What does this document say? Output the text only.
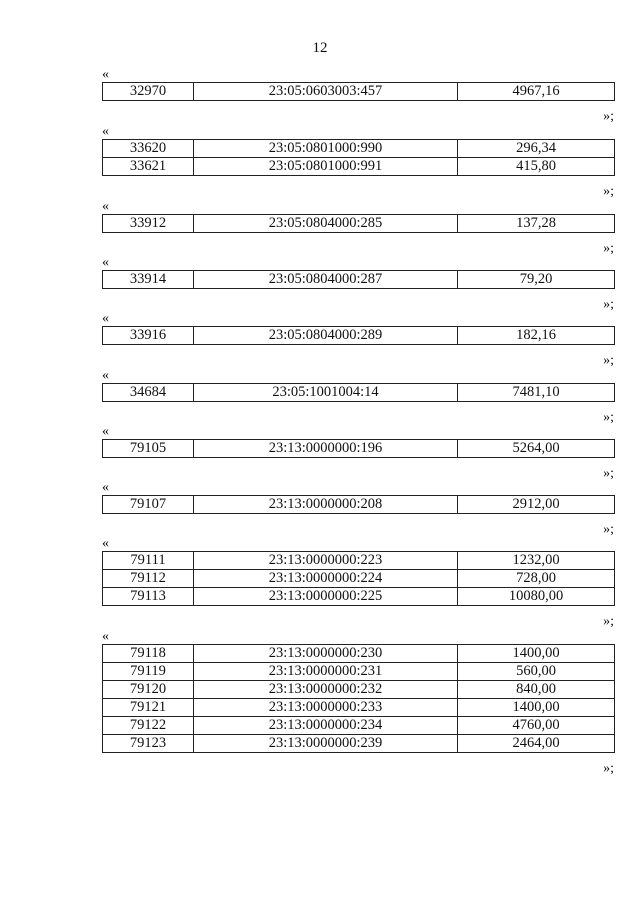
12
«
32970	23:05:0603003:457	4967,16
»;
«
33620	23:05:0801000:990	296,34
33621	23:05:0801000:991	415,80
»;
«
33912	23:05:0804000:285	137,28
»;
«
33914	23:05:0804000:287	79,20
»;
«
33916	23:05:0804000:289	182,16
»;
«
34684	23:05:1001004:14	7481,10
»;
«
79105	23:13:0000000:196	5264,00
»;
«
79107	23:13:0000000:208	2912,00
»;
«
79111	23:13:0000000:223	1232,00
79112	23:13:0000000:224	728,00
79113	23:13:0000000:225	10080,00
»;
«
79118	23:13:0000000:230	1400,00
79119	23:13:0000000:231	560,00
79120	23:13:0000000:232	840,00
79121	23:13:0000000:233	1400,00
79122	23:13:0000000:234	4760,00
79123	23:13:0000000:239	2464,00
»;
